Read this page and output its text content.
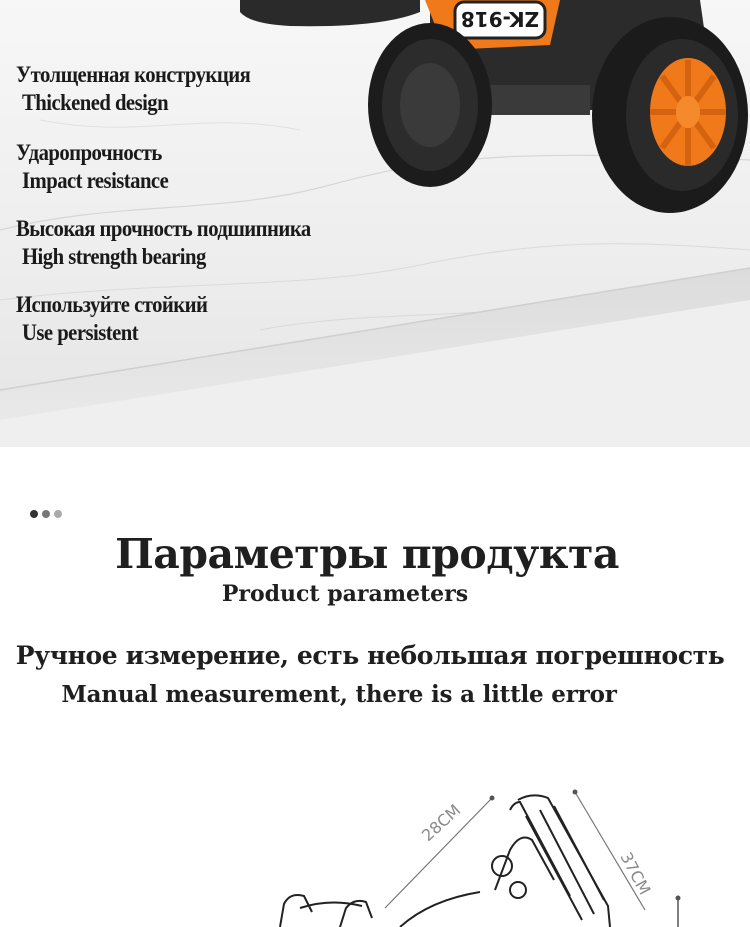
ZK-918
Утолщенная конструкция
Thickened design
Ударопрочность
Impact resistance
Высокая прочность подшипника
High strength bearing
Используйте стойкий
Use persistent
Параметры продукта
Product parameters
Ручное измерение, есть небольшая погрешность
Manual measurement, there is a little error
28CM
37CM
